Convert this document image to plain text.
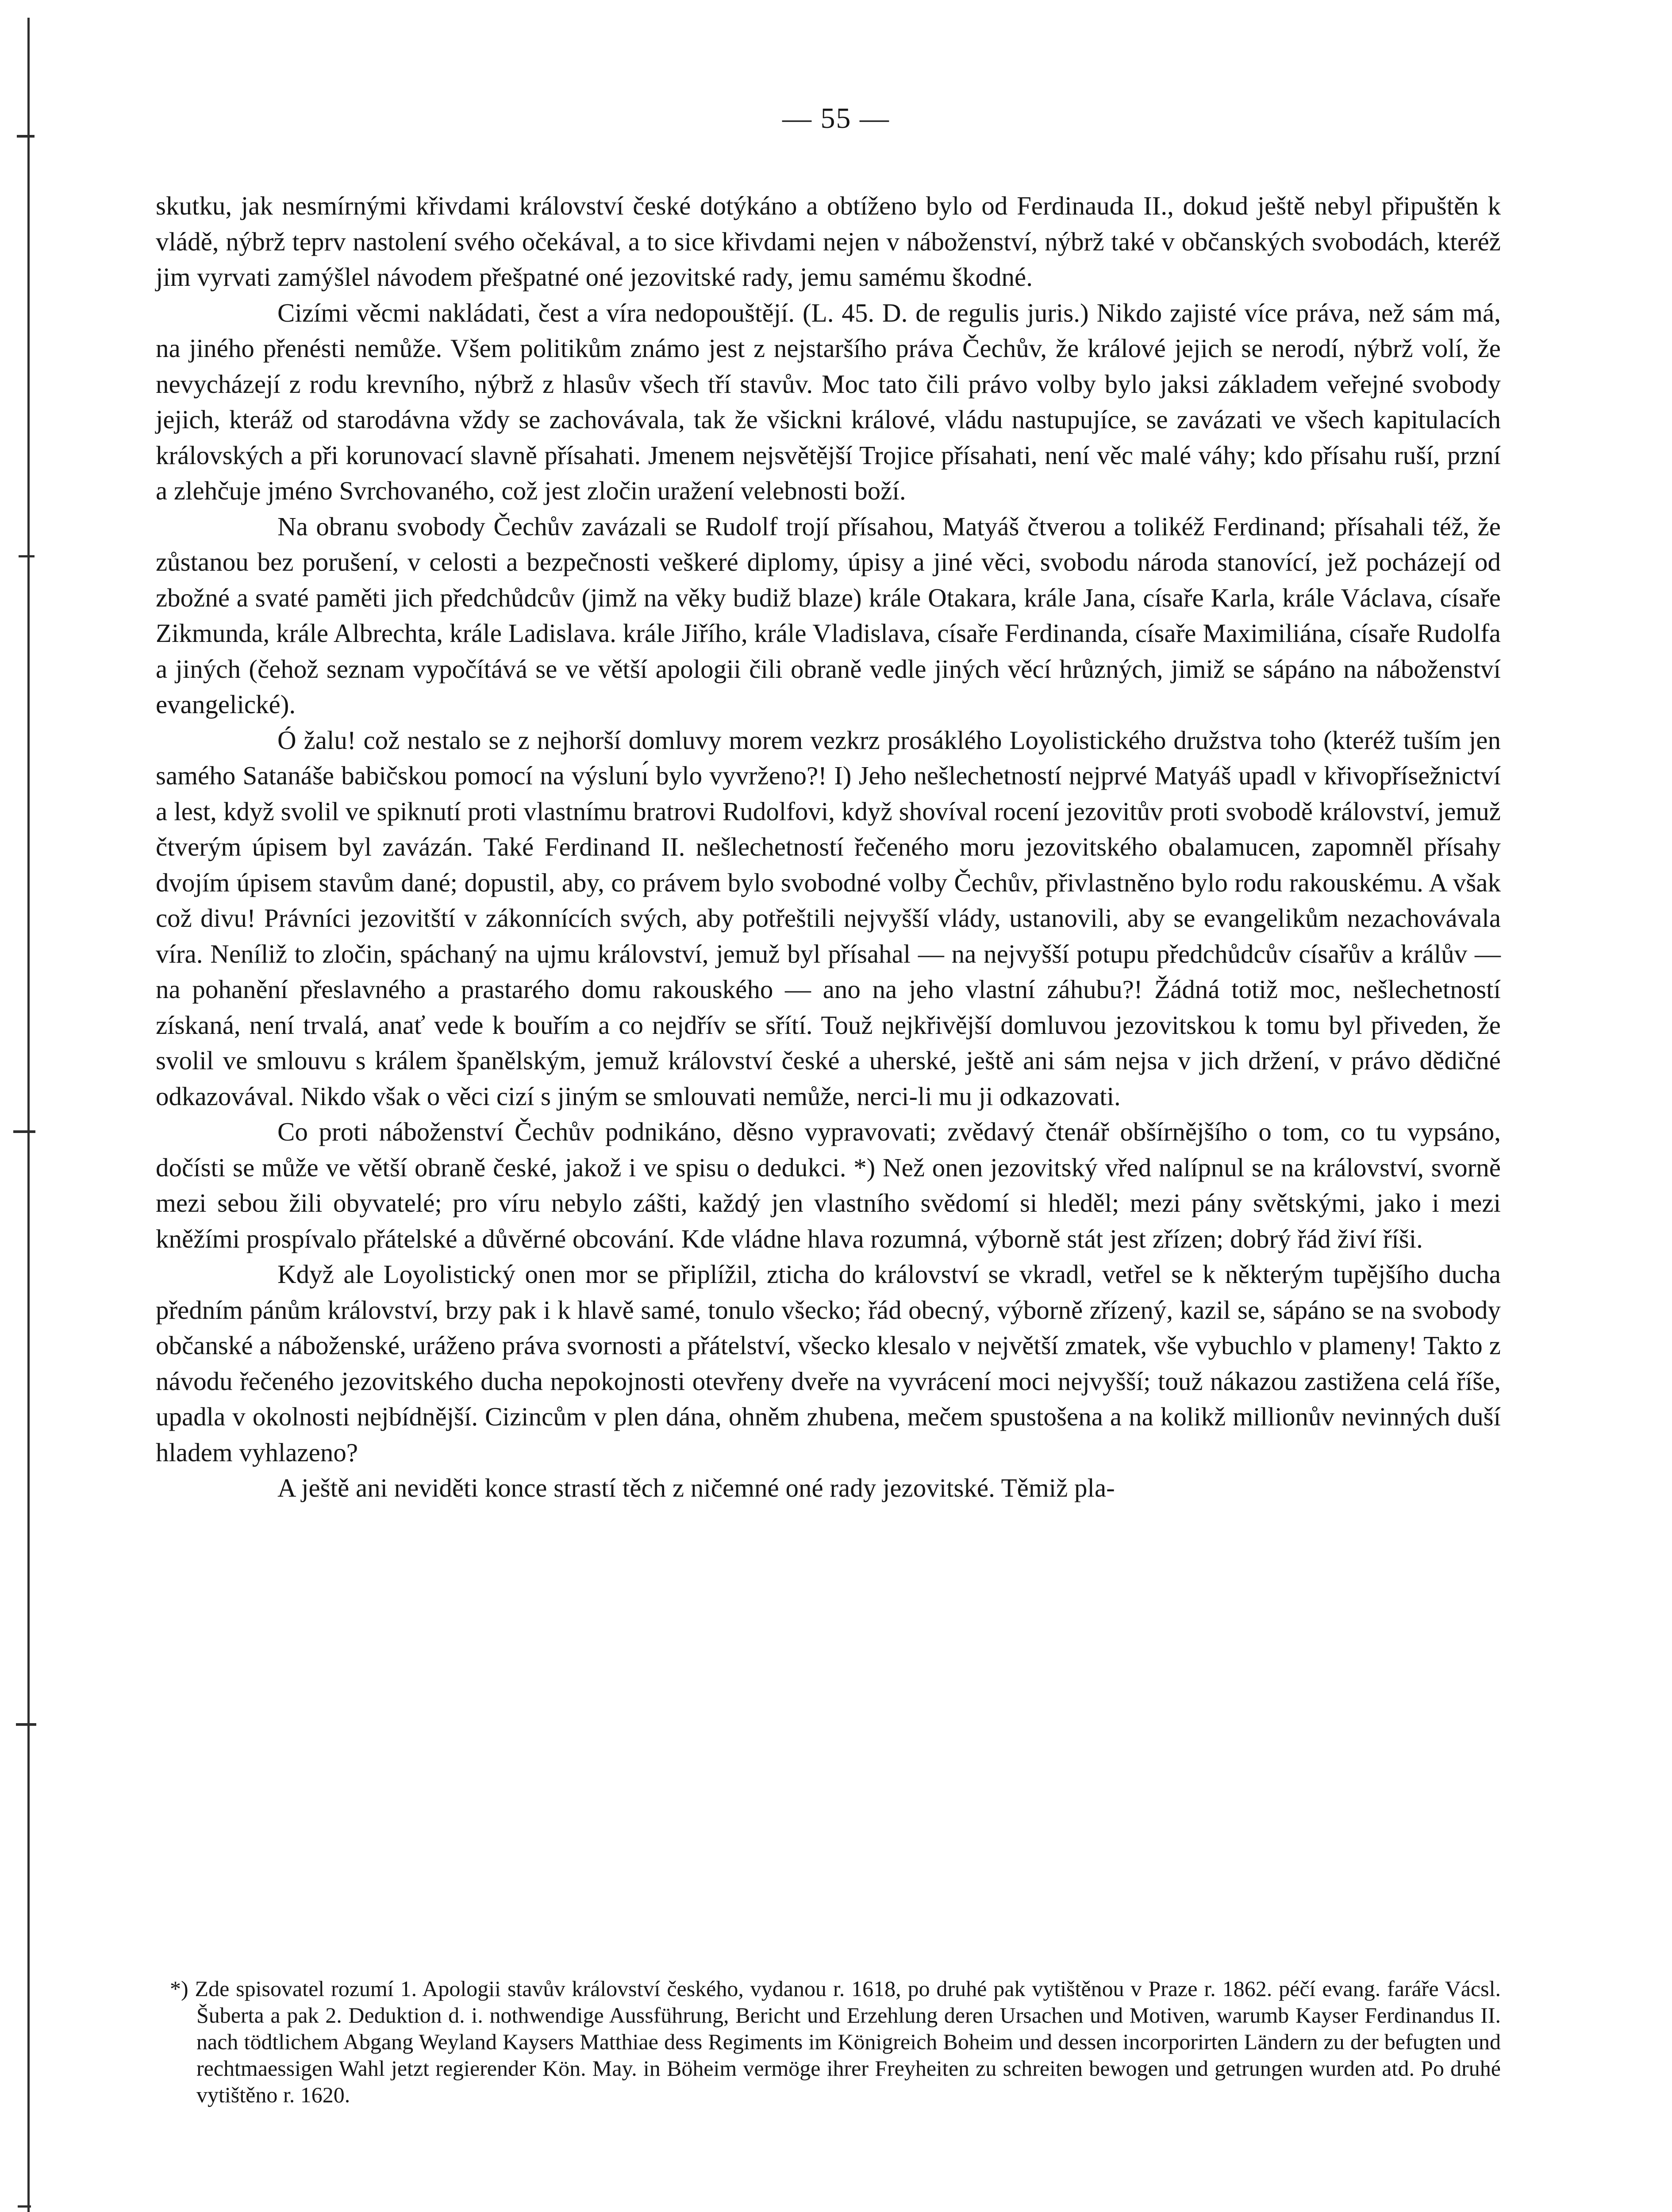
— 55 —

skutku, jak nesmírnými křivdami království české dotýkáno a obtíženo bylo od Ferdinauda II., dokud ještě nebyl připuštěn k vládě, nýbrž teprv nastolení svého očekával, a to sice křivdami nejen v náboženství, nýbrž také v občanských svobodách, kteréž jim vyrvati zamýšlel návodem přešpatné oné jezovitské rady, jemu samému škodné.

Cizími věcmi nakládati, čest a víra nedopouštějí. (L. 45. D. de regulis juris.) Nikdo zajisté více práva, než sám má, na jiného přenésti nemůže. Všem politikům známo jest z nejstaršího práva Čechův, že králové jejich se nerodí, nýbrž volí, že nevycházejí z rodu krevního, nýbrž z hlasův všech tří stavův. Moc tato čili právo volby bylo jaksi základem veřejné svobody jejich, kteráž od starodávna vždy se zachovávala, tak že všickni králové, vládu nastupujíce, se zavázati ve všech kapitulacích královských a při korunovací slavně přísahati. Jmenem nejsvětější Trojice přísahati, není věc malé váhy; kdo přísahu ruší, przní a zlehčuje jméno Svrchovaného, což jest zločin uražení velebnosti boží.

Na obranu svobody Čechův zavázali se Rudolf trojí přísahou, Matyáš čtverou a tolikéž Ferdinand; přísahali též, že zůstanou bez porušení, v celosti a bezpečnosti veškeré diplomy, úpisy a jiné věci, svobodu národa stanovící, jež pocházejí od zbožné a svaté paměti jich předchůdcův (jimž na věky budiž blaze) krále Otakara, krále Jana, císaře Karla, krále Václava, císaře Zikmunda, krále Albrechta, krále Ladislava. krále Jiřího, krále Vladislava, císaře Ferdinanda, císaře Maximiliána, císaře Rudolfa a jiných (čehož seznam vypočítává se ve větší apologii čili obraně vedle jiných věcí hrůzných, jimiž se sápáno na náboženství evangelické).

Ó žalu! což nestalo se z nejhorší domluvy morem vezkrz prosáklého Loyolistického družstva toho (kteréž tuším jen samého Satanáše babičskou pomocí na výslunı́ bylo vyvrženo?! I) Jeho nešlechetností nejprvé Matyáš upadl v křivopřísežnictví a lest, když svolil ve spiknutí proti vlastnímu bratrovi Rudolfovi, když shovíval rocení jezovitův proti svobodě království, jemuž čtverým úpisem byl zavázán. Také Ferdinand II. nešlechetností řečeného moru jezovitského obalamucen, zapomněl přísahy dvojím úpisem stavům dané; dopustil, aby, co právem bylo svobodné volby Čechův, přivlastněno bylo rodu rakouskému. A však což divu! Právníci jezovitští v zákonnících svých, aby potřeštili nejvyšší vlády, ustanovili, aby se evangelikům nezachovávala víra. Neníliž to zločin, spáchaný na ujmu království, jemuž byl přísahal — na nejvyšší potupu předchůdcův císařův a králův — na pohanění přeslavného a prastarého domu rakouského — ano na jeho vlastní záhubu?! Žádná totiž moc, nešlechetností získaná, není trvalá, anať vede k bouřím a co nejdřív se sřítí. Touž nejkřivější domluvou jezovitskou k tomu byl přiveden, že svolil ve smlouvu s králem španělským, jemuž království české a uherské, ještě ani sám nejsa v jich držení, v právo dědičné odkazovával. Nikdo však o věci cizí s jiným se smlouvati nemůže, nerci-li mu ji odkazovati.

Co proti náboženství Čechův podnikáno, děsno vypravovati; zvědavý čtenář obšírnějšího o tom, co tu vypsáno, dočísti se může ve větší obraně české, jakož i ve spisu o dedukci. *) Než onen jezovitský vřed nalípnul se na království, svorně mezi sebou žili obyvatelé; pro víru nebylo zášti, každý jen vlastního svědomí si hleděl; mezi pány světskými, jako i mezi kněžími prospívalo přátelské a důvěrné obcování. Kde vládne hlava rozumná, výborně stát jest zřízen; dobrý řád živí říši.

Když ale Loyolistický onen mor se připlížil, zticha do království se vkradl, vetřel se k některým tupějšího ducha předním pánům království, brzy pak i k hlavě samé, tonulo všecko; řád obecný, výborně zřízený, kazil se, sápáno se na svobody občanské a náboženské, uráženo práva svornosti a přátelství, všecko klesalo v největší zmatek, vše vybuchlo v plameny! Takto z návodu řečeného jezovitského ducha nepokojnosti otevřeny dveře na vyvrácení moci nejvyšší; touž nákazou zastižena celá říše, upadla v okolnosti nejbídnější. Cizincům v plen dána, ohněm zhubena, mečem spustošena a na kolikž millionův nevinných duší hladem vyhlazeno?

A ještě ani neviděti konce strastí těch z ničemné oné rady jezovitské. Těmiž pla-

*) Zde spisovatel rozumí 1. Apologii stavův království českého, vydanou r. 1618, po druhé pak vytištěnou v Praze r. 1862. péčí evang. faráře Vácsl. Šuberta a pak 2. Deduktion d. i. nothwendige Aussführung, Bericht und Erzehlung deren Ursachen und Motiven, warumb Kayser Ferdinandus II. nach tödtlichem Abgang Weyland Kaysers Matthiae dess Regiments im Königreich Boheim und dessen incorporirten Ländern zu der befugten und rechtmaessigen Wahl jetzt regierender Kön. May. in Böheim vermöge ihrer Freyheiten zu schreiten bewogen und getrungen wurden atd. Po druhé vytištěno r. 1620.
